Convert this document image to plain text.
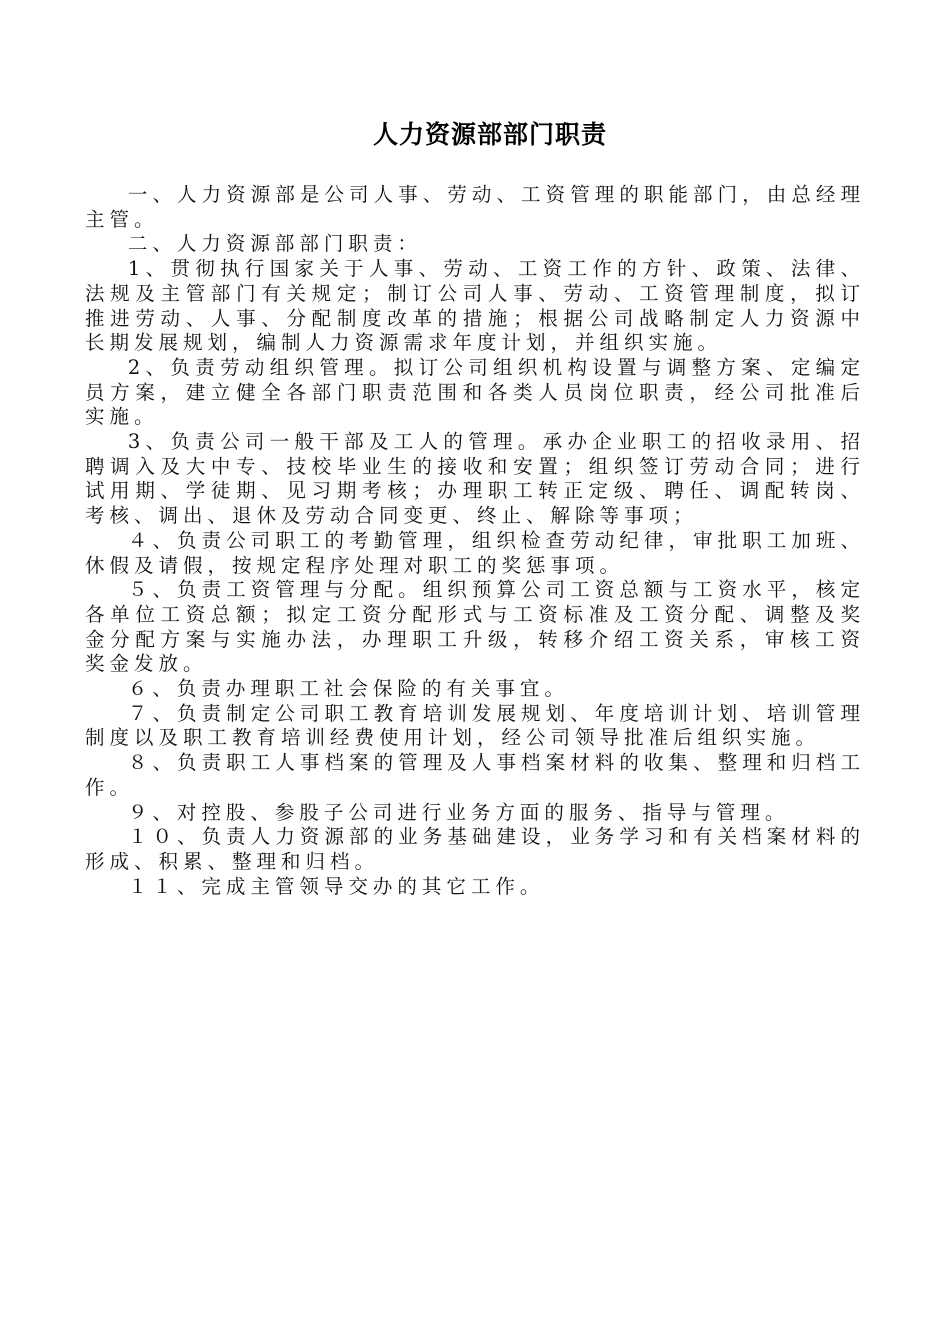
人力资源部部门职责

一、人力资源部是公司人事、劳动、工资管理的职能部门，由总经理主管。

二、人力资源部部门职责：

1、贯彻执行国家关于人事、劳动、工资工作的方针、政策、法律、法规及主管部门有关规定；制订公司人事、劳动、工资管理制度，拟订推进劳动、人事、分配制度改革的措施；根据公司战略制定人力资源中长期发展规划，编制人力资源需求年度计划，并组织实施。

2、负责劳动组织管理。拟订公司组织机构设置与调整方案、定编定员方案，建立健全各部门职责范围和各类人员岗位职责，经公司批准后实施。

3、负责公司一般干部及工人的管理。承办企业职工的招收录用、招聘调入及大中专、技校毕业生的接收和安置；组织签订劳动合同；进行试用期、学徒期、见习期考核；办理职工转正定级、聘任、调配转岗、考核、调出、退休及劳动合同变更、终止、解除等事项；

４、负责公司职工的考勤管理，组织检查劳动纪律，审批职工加班、休假及请假，按规定程序处理对职工的奖惩事项。

５、负责工资管理与分配。组织预算公司工资总额与工资水平，核定各单位工资总额；拟定工资分配形式与工资标准及工资分配、调整及奖金分配方案与实施办法，办理职工升级，转移介绍工资关系，审核工资奖金发放。

６、负责办理职工社会保险的有关事宜。

７、负责制定公司职工教育培训发展规划、年度培训计划、培训管理制度以及职工教育培训经费使用计划，经公司领导批准后组织实施。

８、负责职工人事档案的管理及人事档案材料的收集、整理和归档工作。

９、对控股、参股子公司进行业务方面的服务、指导与管理。

１０、负责人力资源部的业务基础建设，业务学习和有关档案材料的形成、积累、整理和归档。

１１、完成主管领导交办的其它工作。
